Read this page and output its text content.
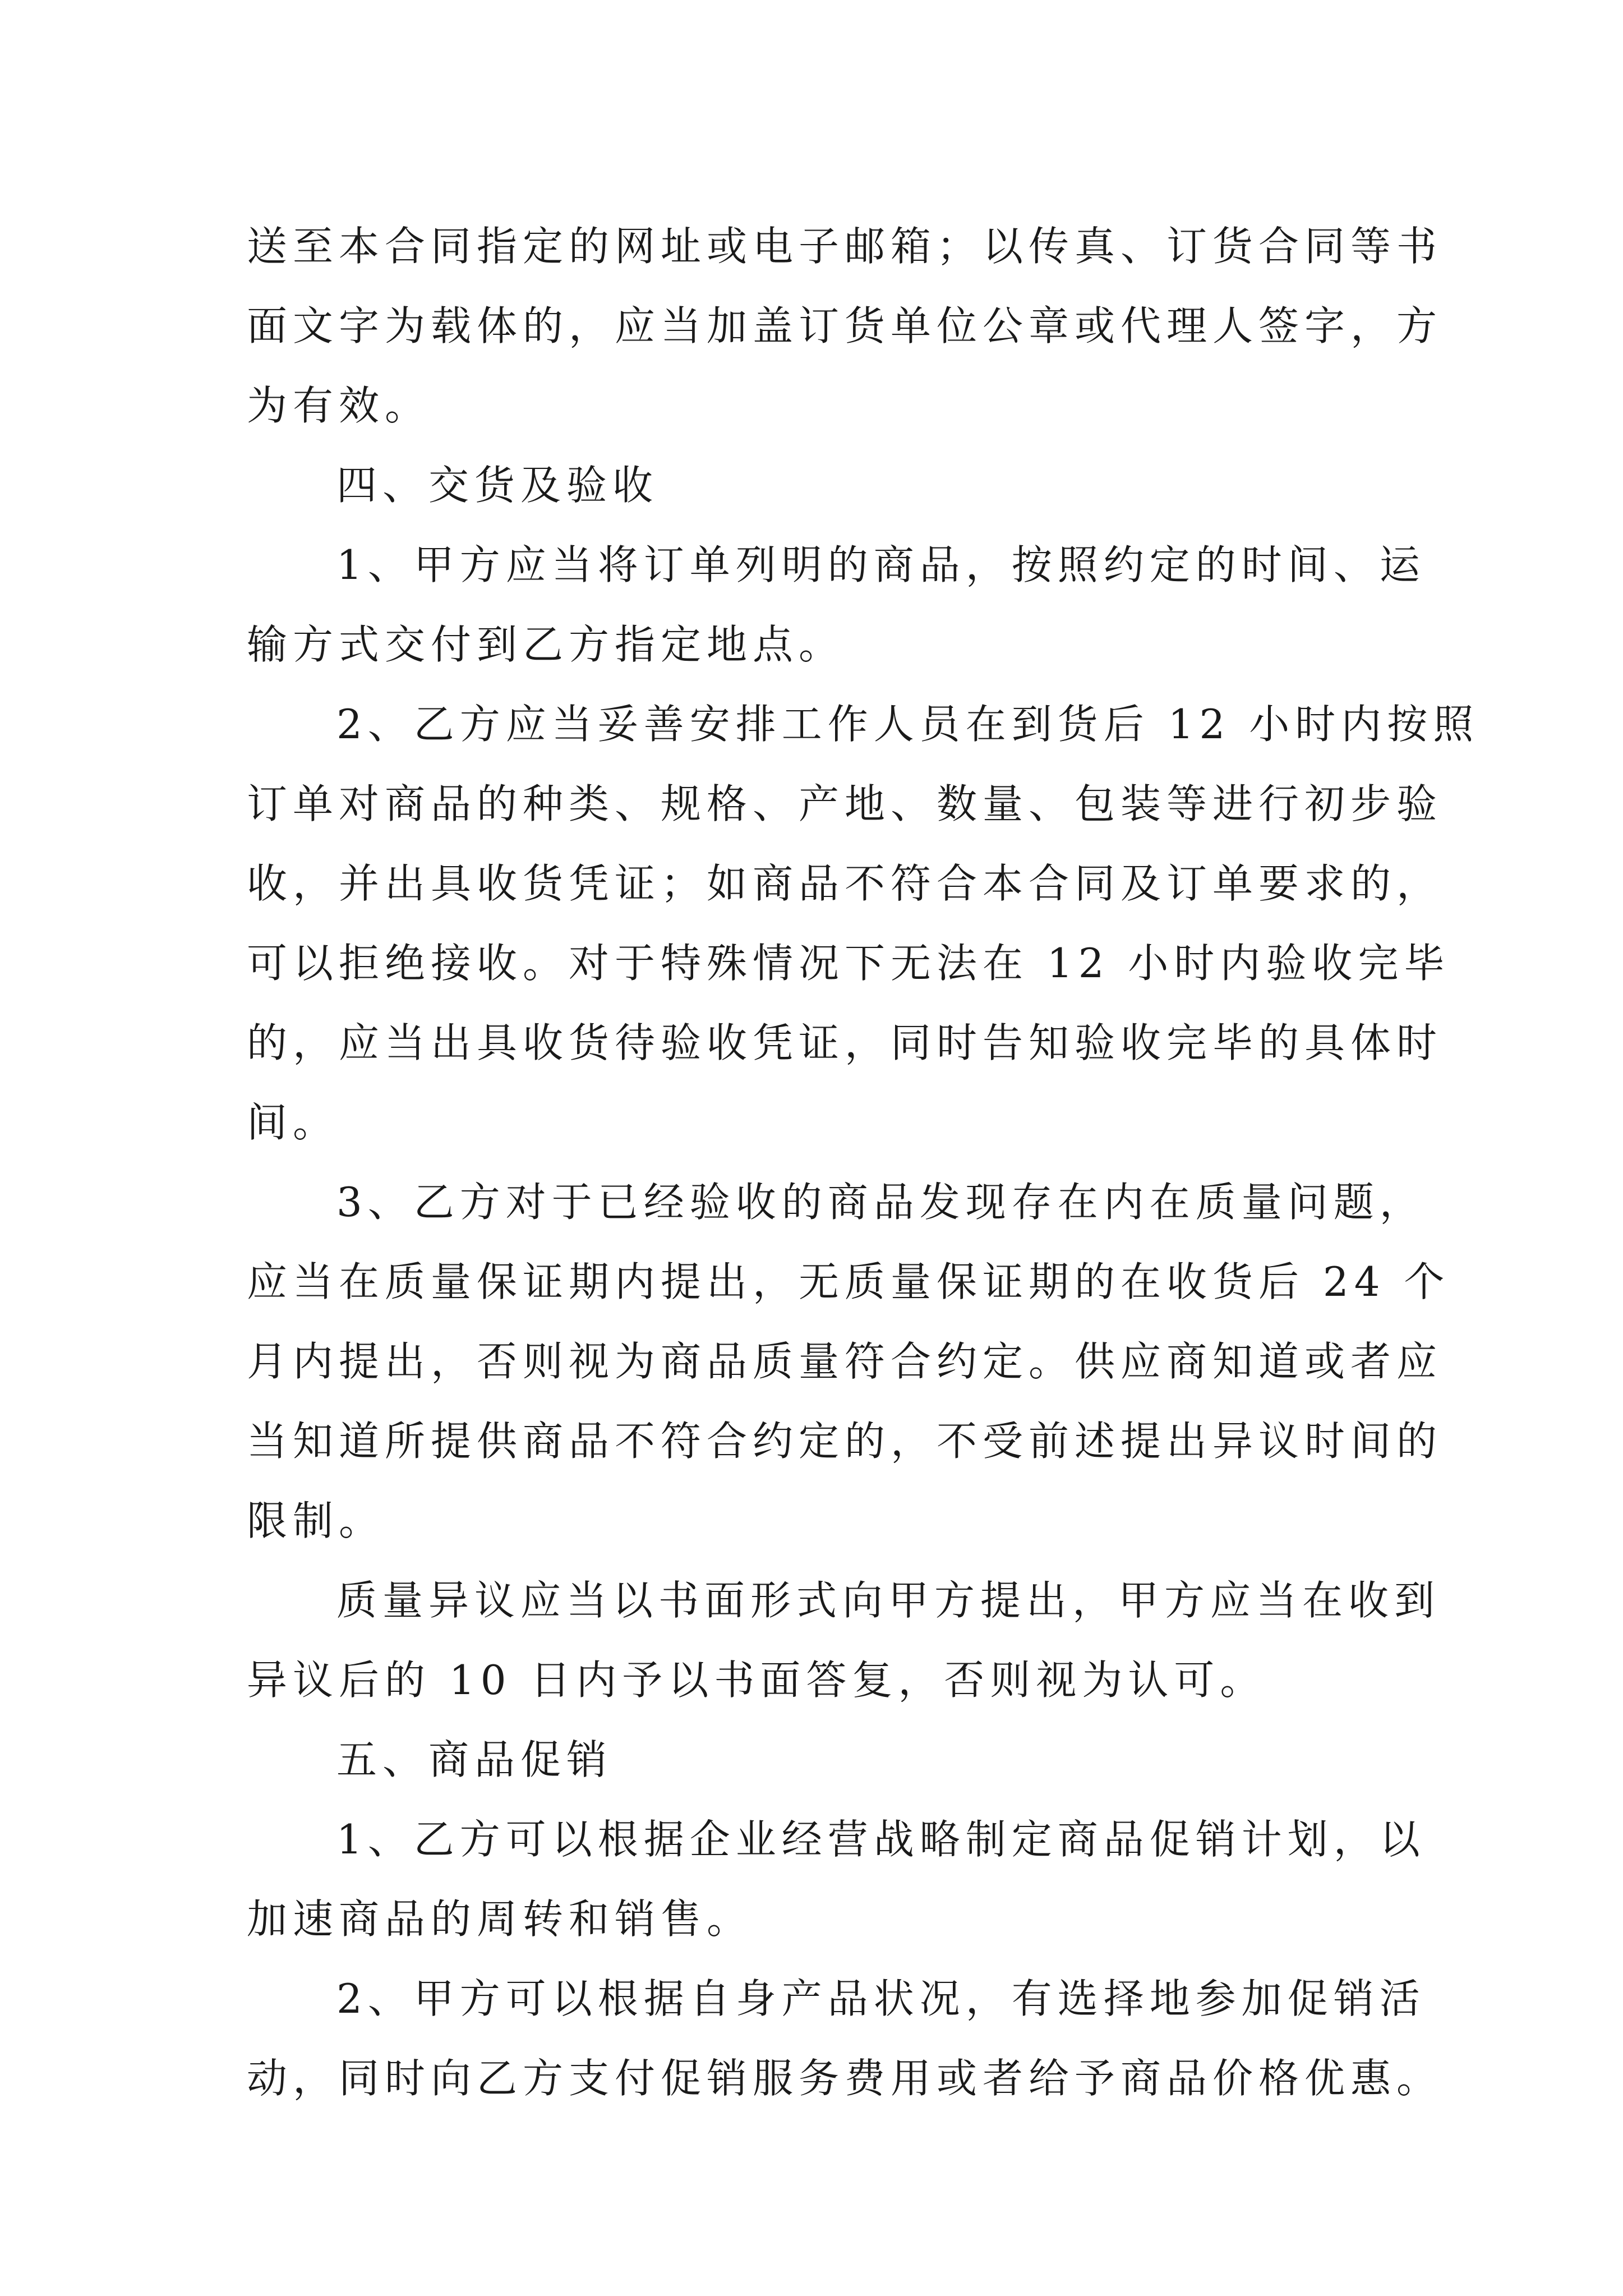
送至本合同指定的网址或电子邮箱；以传真、订货合同等书
面文字为载体的，应当加盖订货单位公章或代理人签字，方
为有效。
四、交货及验收
1、甲方应当将订单列明的商品，按照约定的时间、运
输方式交付到乙方指定地点。
2、乙方应当妥善安排工作人员在到货后 12 小时内按照
订单对商品的种类、规格、产地、数量、包装等进行初步验
收，并出具收货凭证；如商品不符合本合同及订单要求的，
可以拒绝接收。对于特殊情况下无法在 12 小时内验收完毕
的，应当出具收货待验收凭证，同时告知验收完毕的具体时
间。
3、乙方对于已经验收的商品发现存在内在质量问题，
应当在质量保证期内提出，无质量保证期的在收货后 24 个
月内提出，否则视为商品质量符合约定。供应商知道或者应
当知道所提供商品不符合约定的，不受前述提出异议时间的
限制。
质量异议应当以书面形式向甲方提出，甲方应当在收到
异议后的 10 日内予以书面答复，否则视为认可。
五、商品促销
1、乙方可以根据企业经营战略制定商品促销计划，以
加速商品的周转和销售。
2、甲方可以根据自身产品状况，有选择地参加促销活
动，同时向乙方支付促销服务费用或者给予商品价格优惠。
